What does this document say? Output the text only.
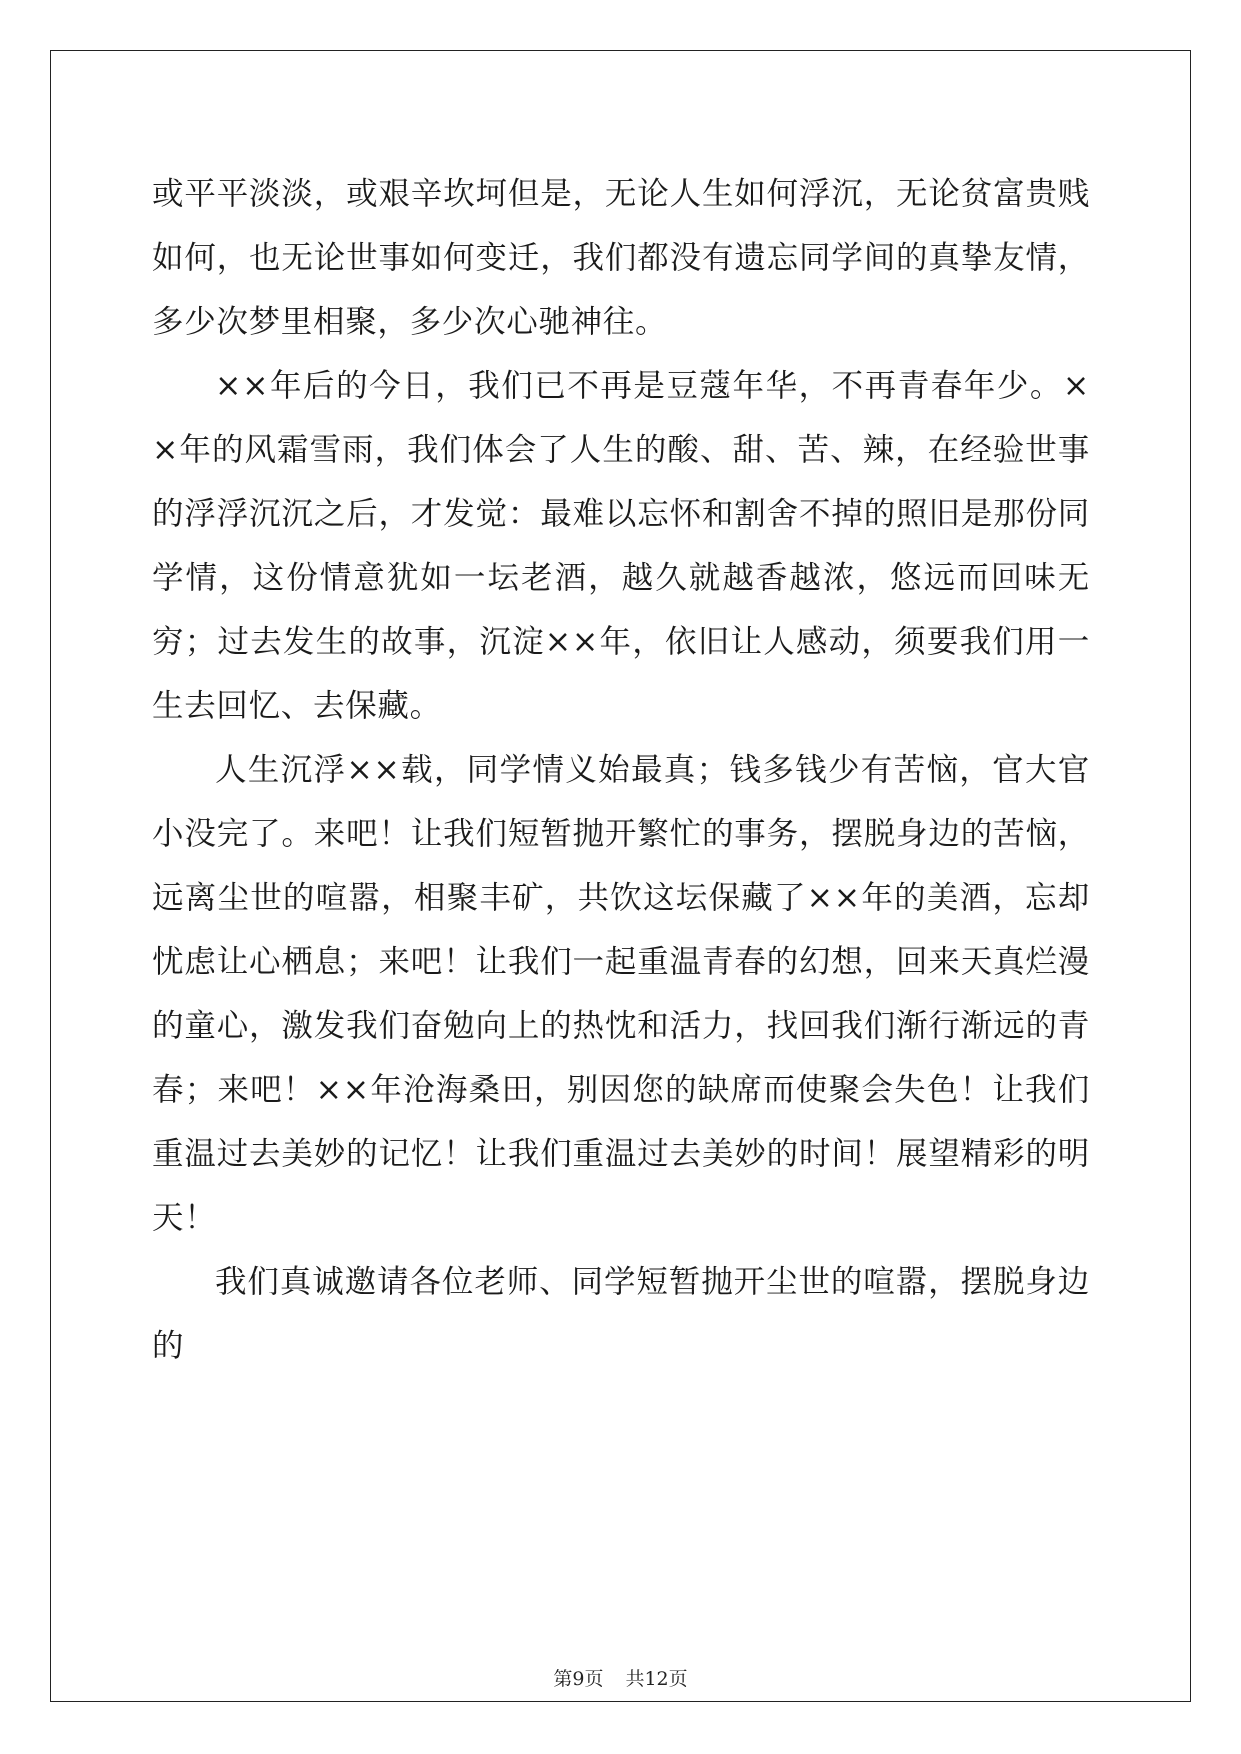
或平平淡淡，或艰辛坎坷但是，无论人生如何浮沉，无论贫富贵贱如何，也无论世事如何变迁，我们都没有遗忘同学间的真挚友情，多少次梦里相聚，多少次心驰神往。

××年后的今日，我们已不再是豆蔻年华，不再青春年少。××年的风霜雪雨，我们体会了人生的酸、甜、苦、辣，在经验世事的浮浮沉沉之后，才发觉：最难以忘怀和割舍不掉的照旧是那份同学情，这份情意犹如一坛老酒，越久就越香越浓，悠远而回味无穷；过去发生的故事，沉淀××年，依旧让人感动，须要我们用一生去回忆、去保藏。

人生沉浮××载，同学情义始最真；钱多钱少有苦恼，官大官小没完了。来吧！让我们短暂抛开繁忙的事务，摆脱身边的苦恼，远离尘世的喧嚣，相聚丰矿，共饮这坛保藏了××年的美酒，忘却忧虑让心栖息；来吧！让我们一起重温青春的幻想，回来天真烂漫的童心，激发我们奋勉向上的热忱和活力，找回我们渐行渐远的青春；来吧！××年沧海桑田，别因您的缺席而使聚会失色！让我们重温过去美妙的记忆！让我们重温过去美妙的时间！展望精彩的明天！

我们真诚邀请各位老师、同学短暂抛开尘世的喧嚣，摆脱身边的

第9页 共12页
